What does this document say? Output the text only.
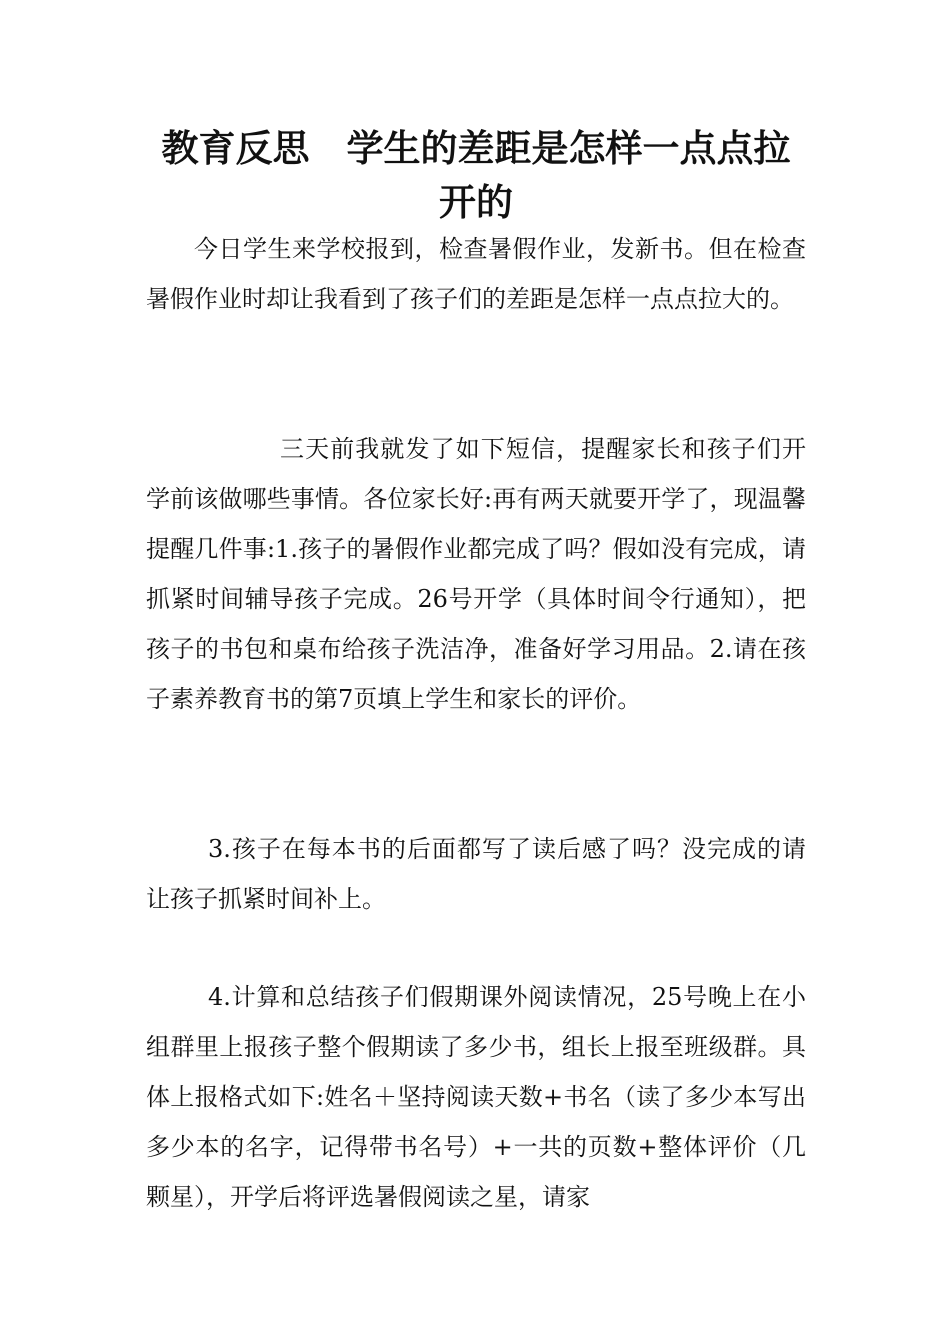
教育反思　学生的差距是怎样一点点拉开的

今日学生来学校报到，检查暑假作业，发新书。但在检查暑假作业时却让我看到了孩子们的差距是怎样一点点拉大的。

三天前我就发了如下短信，提醒家长和孩子们开学前该做哪些事情。各位家长好:再有两天就要开学了，现温馨提醒几件事:1.孩子的暑假作业都完成了吗？假如没有完成，请抓紧时间辅导孩子完成。26号开学（具体时间令行通知），把孩子的书包和桌布给孩子洗洁净，准备好学习用品。2.请在孩子素养教育书的第7页填上学生和家长的评价。

3.孩子在每本书的后面都写了读后感了吗？没完成的请让孩子抓紧时间补上。

4.计算和总结孩子们假期课外阅读情况，25号晚上在小组群里上报孩子整个假期读了多少书，组长上报至班级群。具体上报格式如下:姓名＋坚持阅读天数+书名（读了多少本写出多少本的名字，记得带书名号）+一共的页数+整体评价（几颗星），开学后将评选暑假阅读之星，请家
